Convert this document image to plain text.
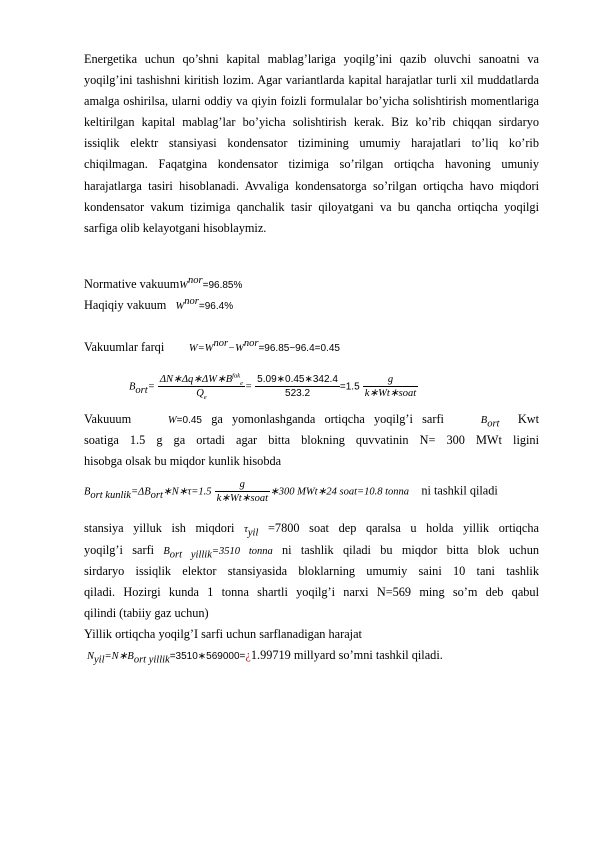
Energetika uchun qo’shni kapital mablag’lariga yoqilg’ini qazib oluvchi sanoatni va yoqilg’ini tashishni kiritish lozim. Agar variantlarda kapital harajatlar turli xil muddatlarda amalga oshirilsa, ularni oddiy va qiyin foizli formulalar bo’yicha solishtirish momentlariga keltirilgan kapital mablag’lar bo’yicha solishtirish kerak. Biz ko’rib chiqqan sirdaryo issiqlik elektr stansiyasi kondensator tizimining umumiy harajatlari to’liq ko’rib chiqilmagan. Faqatgina kondensator tizimiga so’rilgan ortiqcha havoning umuniy harajatlarga tasiri hisoblanadi. Avvaliga kondensatorga so’rilgan ortiqcha havo miqdori kondensator vakum tizimiga qanchalik tasir qiloyatgani va bu qancha ortiqcha yoqilgi sarfiga olib kelayotgani hisoblaymiz.
Normative vakuumW$^{nor}$=96.85%
Haqiqiy vakuum $W^{nor}=96.4\%$
Vakuumlar farqi $W=W^{nor}-W^{nor}=96.85-96.4=0.45$
$B_{ort}= \frac{\Delta N∗\Delta q∗\Delta W∗B^{fak}_e}{Q_e} = \frac{5.09∗0.45∗342.4}{523.2} =1.5 \frac{g}{\text{k∗Wt∗soat}}$
Vakuuum	W=0.45 ga yomonlashganda ortiqcha yoqilg’i sarfi	$B_{ort}$ Kwt
soatiga 1.5 g ga ortadi agar bitta blokning quvvatinin N= 300 MWt ligini
hisobga olsak bu miqdor kunlik hisobda
$B_{ort kunlik}=\Delta B_{ort}∗N∗\tau=1.5 \frac{g}{\text{k∗Wt∗soat}}$ ∗300 MWt∗24 soat=10.8 tonna ni tashkil qiladi
stansiya yilluk ish miqdori $\tau_{yil} =7800$ soat dep qaralsa u holda yillik ortiqcha
yoqilg’i sarfi $B_{ort yillik}=3510$ tonna ni tashlik qiladi bu miqdor bitta blok uchun
sirdaryo issiqlik elektor stansiyasida bloklarning umumiy saini 10 tani tashlik
qiladi. Hozirgi kunda 1 tonna shartli yoqilg’i narxi N=569 ming so’m deb qabul
qilindi (tabiiy gaz uchun)
Yillik ortiqcha yoqilg’I sarfi uchun sarflanadigan harajat
$N_{yil}=N∗B_{ort yillik}=3510∗569000=¿1.99719$ millyard so’mni tashkil qiladi.
